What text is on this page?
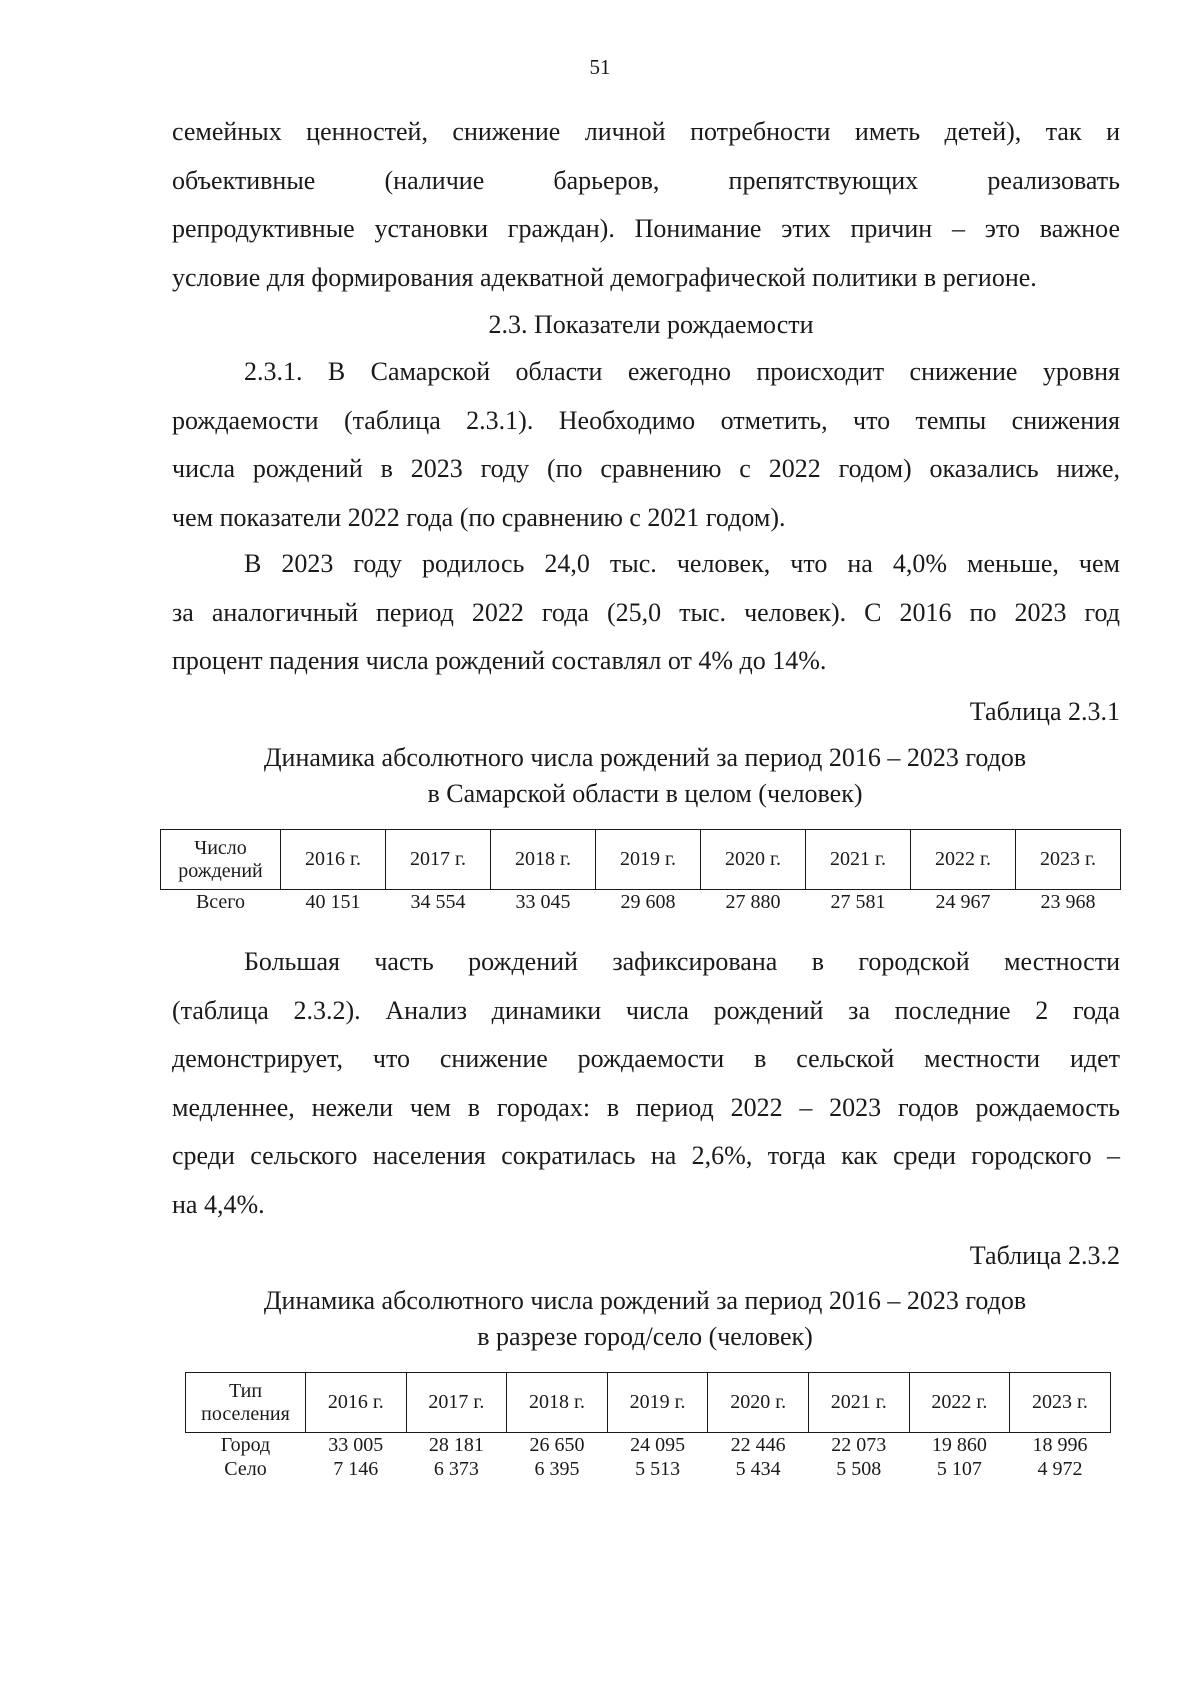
51

семейных ценностей, снижение личной потребности иметь детей), так и

объективные (наличие барьеров, препятствующих реализовать

репродуктивные установки граждан). Понимание этих причин – это важное

условие для формирования адекватной демографической политики в регионе.

2.3. Показатели рождаемости

2.3.1. В Самарской области ежегодно происходит снижение уровня

рождаемости (таблица 2.3.1). Необходимо отметить, что темпы снижения

числа рождений в 2023 году (по сравнению с 2022 годом) оказались ниже,

чем показатели 2022 года (по сравнению с 2021 годом).

В 2023 году родилось 24,0 тыс. человек, что на 4,0% меньше, чем

за аналогичный период 2022 года (25,0 тыс. человек). С 2016 по 2023 год

процент падения числа рождений составлял от 4% до 14%.

Таблица 2.3.1
Динамика абсолютного числа рождений за период 2016 – 2023 годов
в Самарской области в целом (человек)
Число рождений	2016 г.	2017 г.	2018 г.	2019 г.	2020 г.	2021 г.	2022 г.	2023 г.
Всего	40 151	34 554	33 045	29 608	27 880	27 581	24 967	23 968

Большая часть рождений зафиксирована в городской местности

(таблица 2.3.2). Анализ динамики числа рождений за последние 2 года

демонстрирует, что снижение рождаемости в сельской местности идет

медленнее, нежели чем в городах: в период 2022 – 2023 годов рождаемость

среди сельского населения сократилась на 2,6%, тогда как среди городского –

на 4,4%.

Таблица 2.3.2
Динамика абсолютного числа рождений за период 2016 – 2023 годов
в разрезе город/село (человек)
Тип поселения	2016 г.	2017 г.	2018 г.	2019 г.	2020 г.	2021 г.	2022 г.	2023 г.
Город	33 005	28 181	26 650	24 095	22 446	22 073	19 860	18 996
Село	7 146	6 373	6 395	5 513	5 434	5 508	5 107	4 972
